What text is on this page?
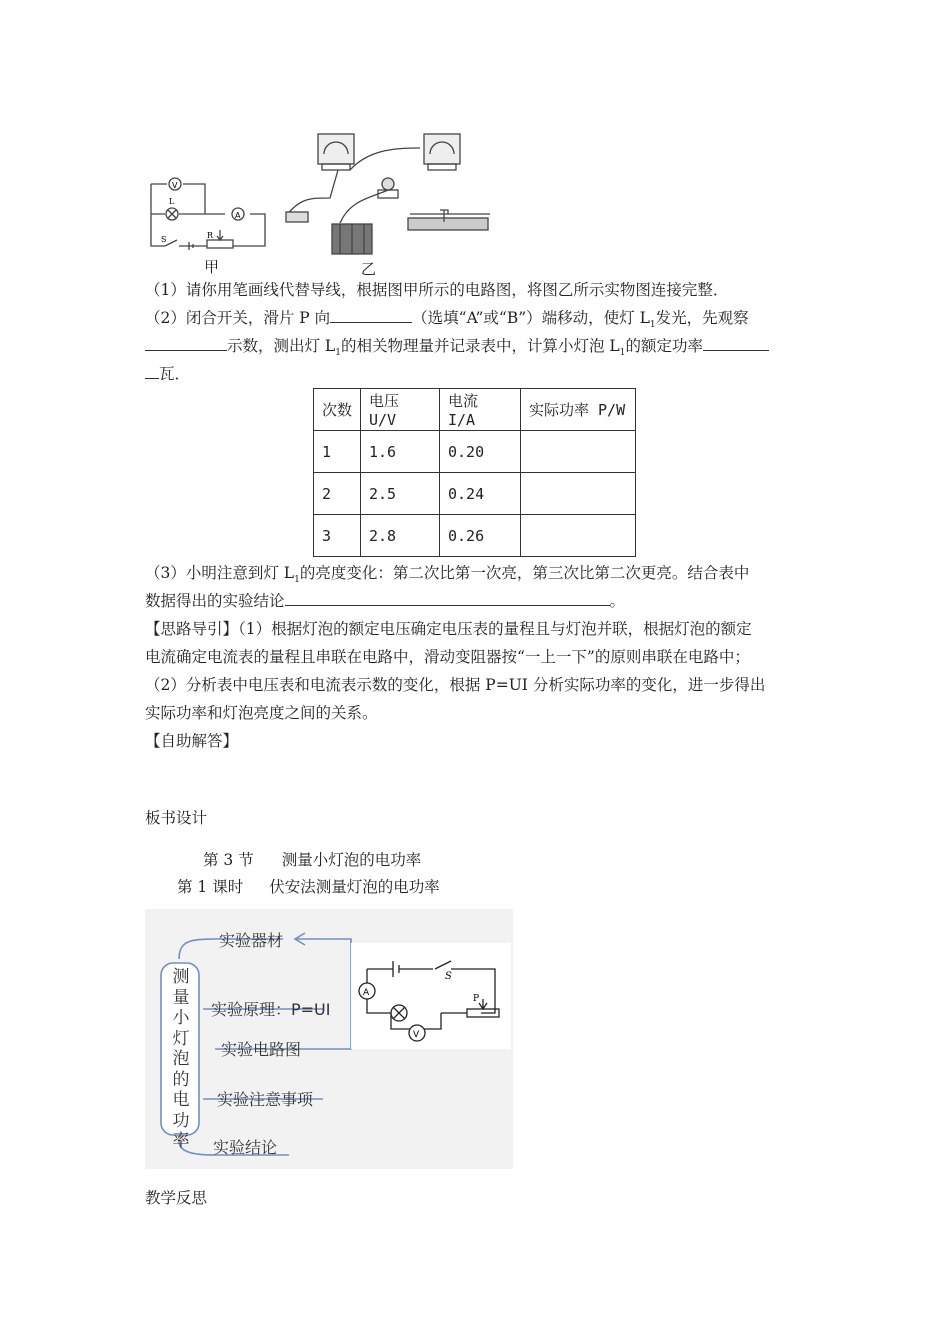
V
A
L
S	R
甲	乙
（1）请你用笔画线代替导线，根据图甲所示的电路图，将图乙所示实物图连接完整．
（2）闭合开关，滑片 P 向	（选填“A”或“B”）端移动，使灯 $L_1$发光，先观察
示数，测出灯 $L_1$的相关物理量并记录表中，计算小灯泡 $L_1$的额定功率
瓦．
次数	电压 U/V	电流 I/A	实际功率 P/W
1	1.6	0.20	
2	2.5	0.24	
3	2.8	0.26	
（3）小明注意到灯 $L_1$的亮度变化：第二次比第一次亮，第三次比第二次更亮。结合表中
数据得出的实验结论	。
【思路导引】（1）根据灯泡的额定电压确定电压表的量程且与灯泡并联，根据灯泡的额定
电流确定电流表的量程且串联在电路中，滑动变阻器按“一上一下”的原则串联在电路中；
（2）分析表中电压表和电流表示数的变化，根据 P=UI 分析实际功率的变化，进一步得出
实际功率和灯泡亮度之间的关系。
【自助解答】
板书设计
第 3 节 测量小灯泡的电功率
第 1 课时 伏安法测量灯泡的电功率
S
A
V
P
测量小灯泡的电功率
实验器材
实验原理：P=UI
实验电路图
实验注意事项
实验结论
教学反思
